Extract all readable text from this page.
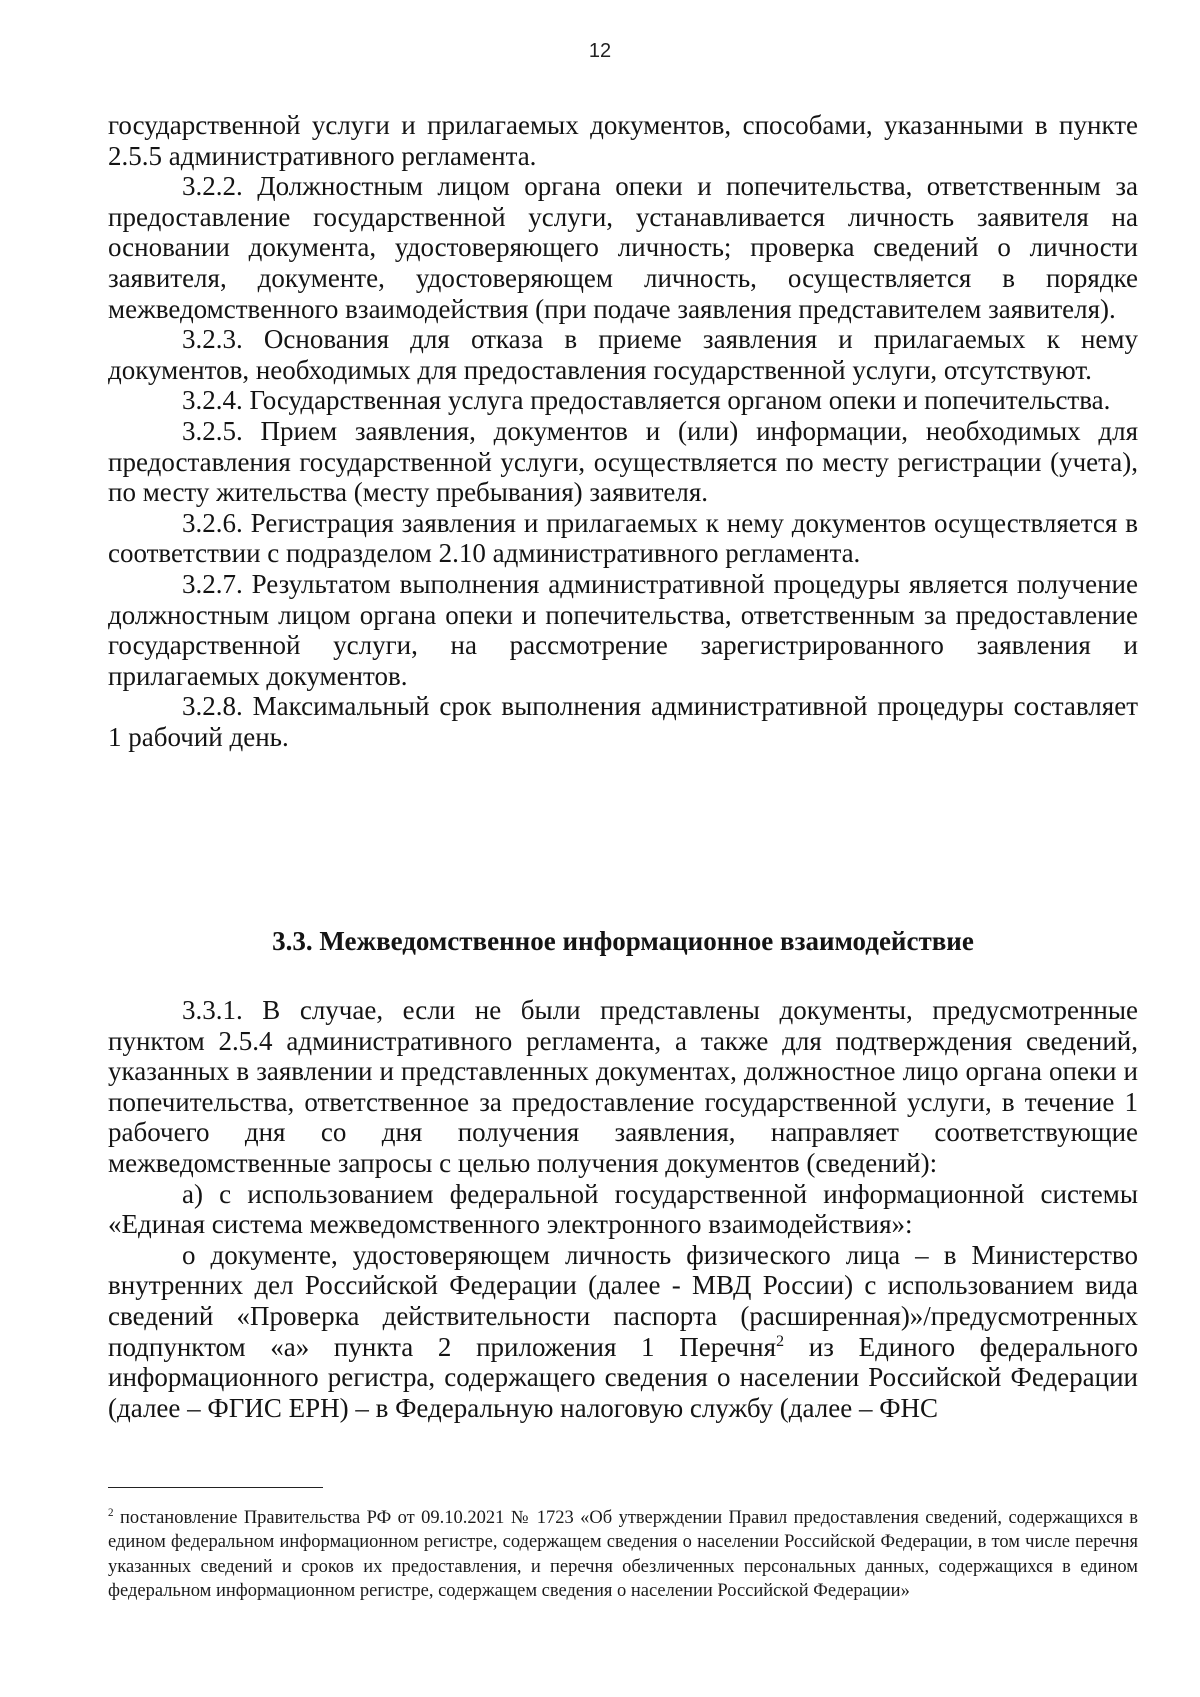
12

государственной услуги и прилагаемых документов, способами, указанными в пункте 2.5.5 административного регламента.

3.2.2. Должностным лицом органа опеки и попечительства, ответственным за предоставление государственной услуги, устанавливается личность заявителя на основании документа, удостоверяющего личность; проверка сведений о личности заявителя, документе, удостоверяющем личность, осуществляется в порядке межведомственного взаимодействия (при подаче заявления представителем заявителя).

3.2.3. Основания для отказа в приеме заявления и прилагаемых к нему документов, необходимых для предоставления государственной услуги, отсутствуют.

3.2.4. Государственная услуга предоставляется органом опеки и попечительства.

3.2.5. Прием заявления, документов и (или) информации, необходимых для предоставления государственной услуги, осуществляется по месту регистрации (учета), по месту жительства (месту пребывания) заявителя.

3.2.6. Регистрация заявления и прилагаемых к нему документов осуществляется в соответствии с подразделом 2.10 административного регламента.

3.2.7. Результатом выполнения административной процедуры является получение должностным лицом органа опеки и попечительства, ответственным за предоставление государственной услуги, на рассмотрение зарегистрированного заявления и прилагаемых документов.

3.2.8. Максимальный срок выполнения административной процедуры составляет 1 рабочий день.

3.3. Межведомственное информационное взаимодействие

3.3.1. В случае, если не были представлены документы, предусмотренные пунктом 2.5.4 административного регламента, а также для подтверждения сведений, указанных в заявлении и представленных документах, должностное лицо органа опеки и попечительства, ответственное за предоставление государственной услуги, в течение 1 рабочего дня со дня получения заявления, направляет соответствующие межведомственные запросы с целью получения документов (сведений):

а) с использованием федеральной государственной информационной системы «Единая система межведомственного электронного взаимодействия»:

о документе, удостоверяющем личность физического лица – в Министерство внутренних дел Российской Федерации (далее - МВД России) с использованием вида сведений «Проверка действительности паспорта (расширенная)»/предусмотренных подпунктом «а» пункта 2 приложения 1 Перечня$^2$ из Единого федерального информационного регистра, содержащего сведения о населении Российской Федерации (далее – ФГИС ЕРН) – в Федеральную налоговую службу (далее – ФНС

$^2$ постановление Правительства РФ от 09.10.2021 № 1723 «Об утверждении Правил предоставления сведений, содержащихся в едином федеральном информационном регистре, содержащем сведения о населении Российской Федерации, в том числе перечня указанных сведений и сроков их предоставления, и перечня обезличенных персональных данных, содержащихся в едином федеральном информационном регистре, содержащем сведения о населении Российской Федерации»
